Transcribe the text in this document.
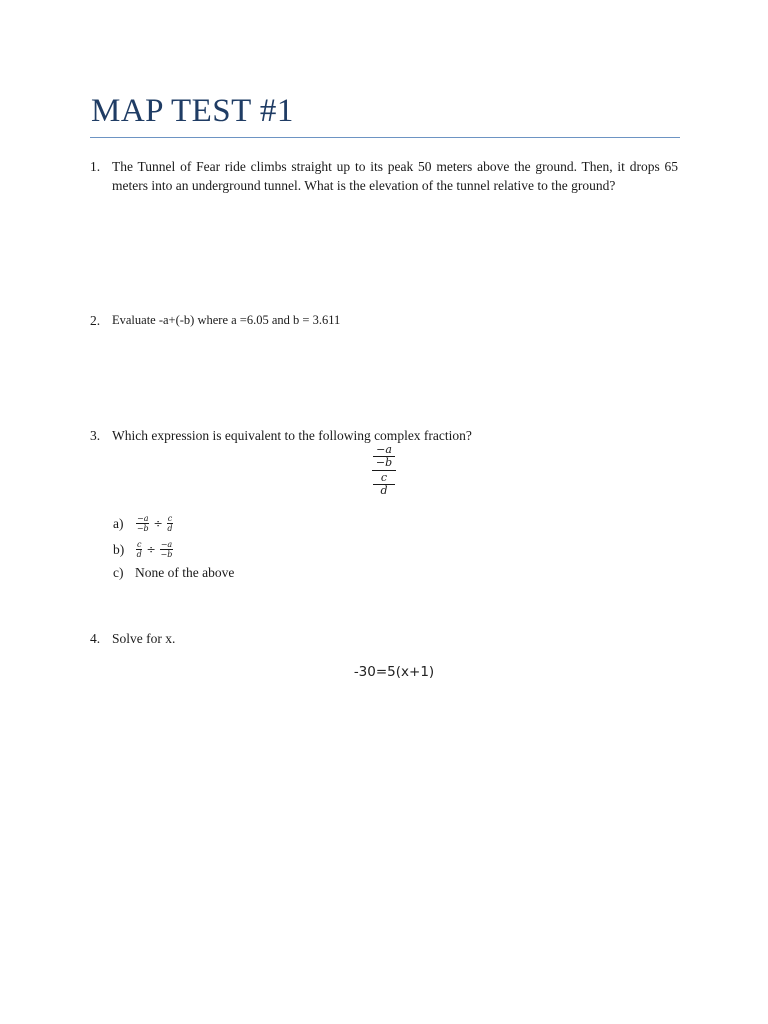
MAP TEST #1
1. The Tunnel of Fear ride climbs straight up to its peak 50 meters above the ground. Then, it drops 65 meters into an underground tunnel. What is the elevation of the tunnel relative to the ground?
2. Evaluate -a+(-b) where a =6.05 and b = 3.611
3. Which expression is equivalent to the following complex fraction?
−a
−b
c
d
a)	$\frac{-a}{-b} \div \frac{c}{d}$
b)	$\frac{c}{d} \div \frac{-a}{-b}$
c) None of the above
4. Solve for x.
-30=5(x+1)
